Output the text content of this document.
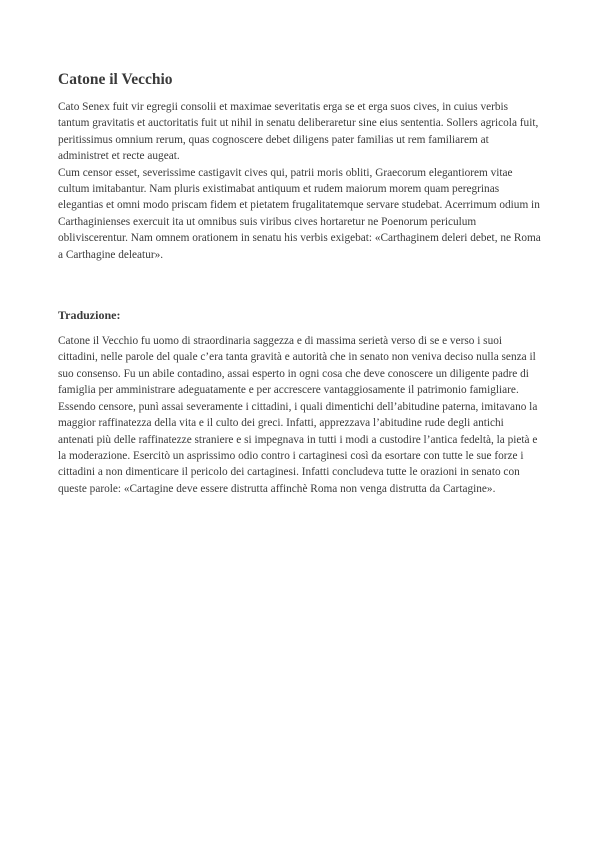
Catone il Vecchio

Cato Senex fuit vir egregii consolii et maximae severitatis erga se et erga suos cives, in cuius verbis tantum gravitatis et auctoritatis fuit ut nihil in senatu deliberaretur sine eius sententia. Sollers agricola fuit, peritissimus omnium rerum, quas cognoscere debet diligens pater familias ut rem familiarem at administret et recte augeat.

Cum censor esset, severissime castigavit cives qui, patrii moris obliti, Graecorum elegantiorem vitae cultum imitabantur. Nam pluris existimabat antiquum et rudem maiorum morem quam peregrinas elegantias et omni modo priscam fidem et pietatem frugalitatemque servare studebat. Acerrimum odium in Carthaginienses exercuit ita ut omnibus suis viribus cives hortaretur ne Poenorum periculum obliviscerentur. Nam omnem orationem in senatu his verbis exigebat: «Carthaginem deleri debet, ne Roma a Carthagine deleatur».

Traduzione:

Catone il Vecchio fu uomo di straordinaria saggezza e di massima serietà verso di se e verso i suoi cittadini, nelle parole del quale c’era tanta gravità e autorità che in senato non veniva deciso nulla senza il suo consenso. Fu un abile contadino, assai esperto in ogni cosa che deve conoscere un diligente padre di famiglia per amministrare adeguatamente e per accrescere vantaggiosamente il patrimonio famigliare. Essendo censore, punì assai severamente i cittadini, i quali dimentichi dell’abitudine paterna, imitavano la maggior raffinatezza della vita e il culto dei greci. Infatti, apprezzava l’abitudine rude degli antichi antenati più delle raffinatezze straniere e si impegnava in tutti i modi a custodire l’antica fedeltà, la pietà e la moderazione. Esercitò un asprissimo odio contro i cartaginesi così da esortare con tutte le sue forze i cittadini a non dimenticare il pericolo dei cartaginesi. Infatti concludeva tutte le orazioni in senato con queste parole: «Cartagine deve essere distrutta affinchè Roma non venga distrutta da Cartagine».
